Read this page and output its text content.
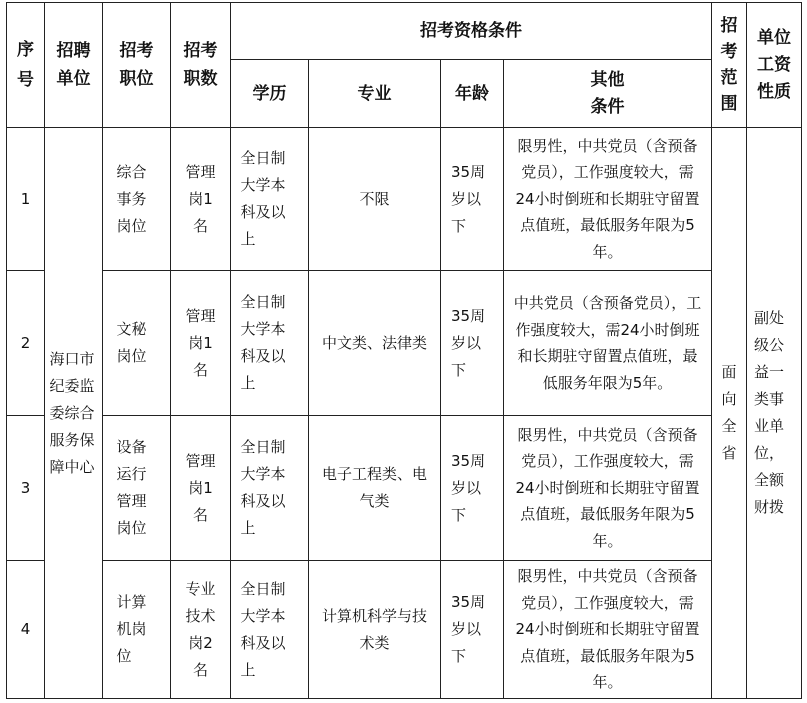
序号	招聘单位	招考职位	招考职数	招考资格条件				招考范围	单位工资性质
				学历	专业	年龄	其他条件		
1	海口市纪委监委综合服务保障中心	综合事务岗位	管理岗1名	全日制大学本科及以上	不限	35周岁以下	限男性，中共党员（含预备党员），工作强度较大，需24小时倒班和长期驻守留置点值班，最低服务年限为5年。	面向全省	副处级公益一类事业单位，全额财拨
2		文秘岗位	管理岗1名	全日制大学本科及以上	中文类、法律类	35周岁以下	中共党员（含预备党员），工作强度较大，需24小时倒班和长期驻守留置点值班，最低服务年限为5年。		
3		设备运行管理岗位	管理岗1名	全日制大学本科及以上	电子工程类、电气类	35周岁以下	限男性，中共党员（含预备党员），工作强度较大，需24小时倒班和长期驻守留置点值班，最低服务年限为5年。		
4		计算机岗位	专业技术岗2名	全日制大学本科及以上	计算机科学与技术类	35周岁以下	限男性，中共党员（含预备党员），工作强度较大，需24小时倒班和长期驻守留置点值班，最低服务年限为5年。		
